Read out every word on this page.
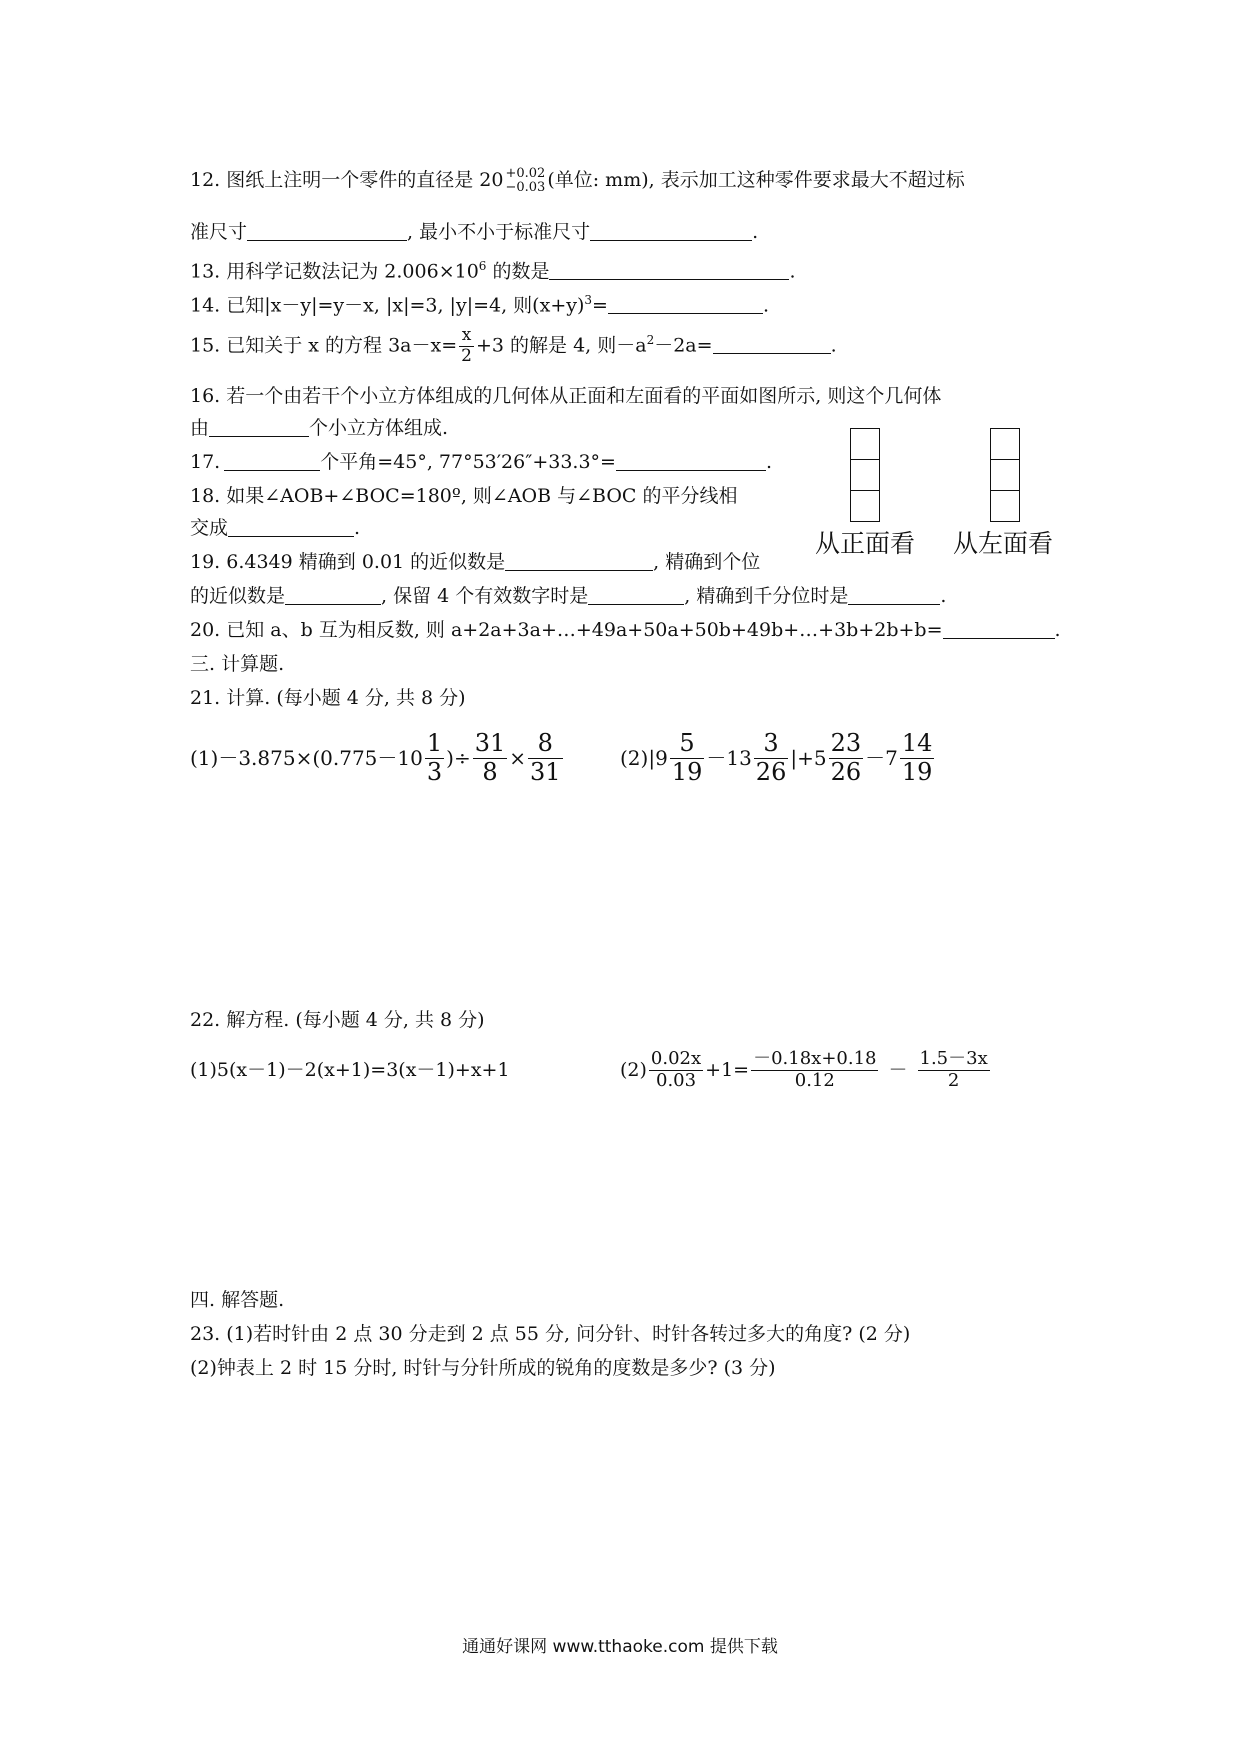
12. 图纸上注明一个零件的直径是 20 +0.02
−0.03 (单位: mm), 表示加工这种零件要求最大不超过标
准尺寸	, 最小不小于标准尺寸	.
13. 用科学记数法记为 $2.006\times 10^6$ 的数是	.
14. 已知|x－y|=y－x, |x|=3, |y|=4, 则$(x+y)^3=$	.
15. 已知关于 x 的方程 $3a-x= \frac{x}{2} +3$ 的解是 4, 则$-a^2-2a=$	.
16. 若一个由若干个小立方体组成的几何体从正面和左面看的平面如图所示, 则这个几何体
由	个小立方体组成.
17.	个平角=45°, 77°53′26″+33.3°=	.
18. 如果∠AOB+∠BOC=180º, 则∠AOB 与∠BOC 的平分线相
交成	.
从正面看 从左面看
19. 6.4349 精确到 0.01 的近似数是	, 精确到个位
的近似数是	, 保留 4 个有效数字时是	, 精确到千分位时是	.
20. 已知 a、b 互为相反数, 则 a+2a+3a+…+49a+50a+50b+49b+…+3b+2b+b=	.
三. 计算题.
21. 计算. (每小题 4 分, 共 8 分)
$(1)-3.875\times(0.775-10 \frac{1}{3}$ )÷ $\frac{31}{8} \times \frac{8}{31}$	$(2)|9 \frac{5}{19} -13 \frac{3}{26} |+5 \frac{23}{26} -7 \frac{14}{19}$
22. 解方程. (每小题 4 分, 共 8 分)
(1)5(x－1)－2(x+1)=3(x－1)+x+1	$(2) \frac{0.02x}{0.03} +1= \frac{-0.18x+0.18}{0.12} - \frac{1.5-3x}{2}$
四. 解答题.
23. (1)若时针由 2 点 30 分走到 2 点 55 分, 问分针、时针各转过多大的角度? (2 分)
(2)钟表上 2 时 15 分时, 时针与分针所成的锐角的度数是多少? (3 分)
通通好课网 www.tthaoke.com 提供下载
